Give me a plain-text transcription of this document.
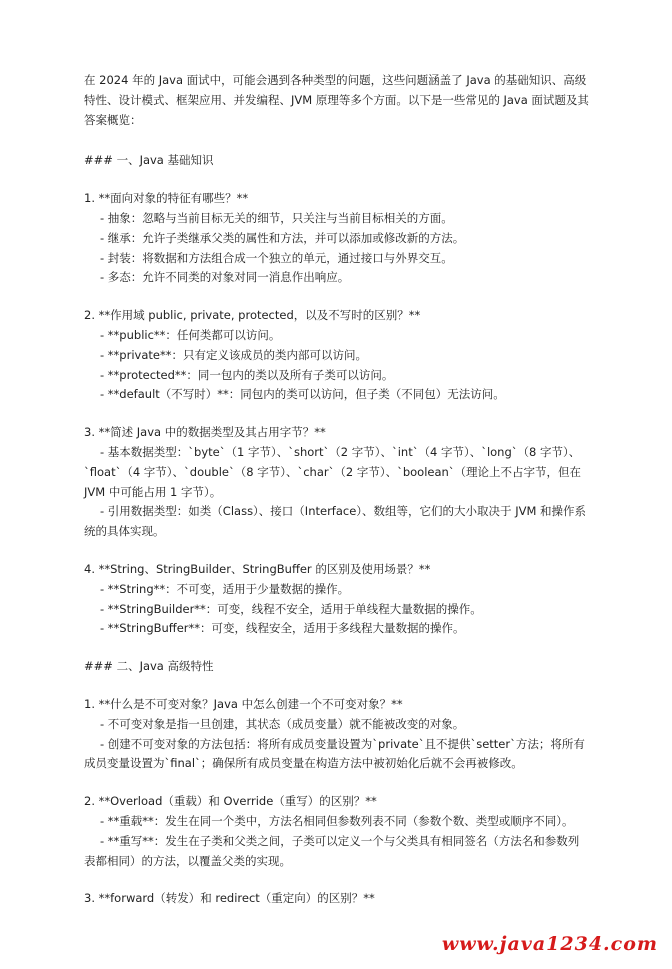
在 2024 年的 Java 面试中，可能会遇到各种类型的问题，这些问题涵盖了 Java 的基础知识、高级特性、设计模式、框架应用、并发编程、JVM 原理等多个方面。以下是一些常见的 Java 面试题及其答案概览：

### 一、Java 基础知识

1. **面向对象的特征有哪些？**

- 抽象：忽略与当前目标无关的细节，只关注与当前目标相关的方面。

- 继承：允许子类继承父类的属性和方法，并可以添加或修改新的方法。

- 封装：将数据和方法组合成一个独立的单元，通过接口与外界交互。

- 多态：允许不同类的对象对同一消息作出响应。

2. **作用域 public, private, protected，以及不写时的区别？**

- **public**：任何类都可以访问。

- **private**：只有定义该成员的类内部可以访问。

- **protected**：同一包内的类以及所有子类可以访问。

- **default（不写时）**：同包内的类可以访问，但子类（不同包）无法访问。

3. **简述 Java 中的数据类型及其占用字节？**

- 基本数据类型：`byte`（1 字节）、`short`（2 字节）、`int`（4 字节）、`long`（8 字节）、`float`（4 字节）、`double`（8 字节）、`char`（2 字节）、`boolean`（理论上不占字节，但在 JVM 中可能占用 1 字节）。

- 引用数据类型：如类（Class）、接口（Interface）、数组等，它们的大小取决于 JVM 和操作系统的具体实现。

4. **String、StringBuilder、StringBuffer 的区别及使用场景？**

- **String**：不可变，适用于少量数据的操作。

- **StringBuilder**：可变，线程不安全，适用于单线程大量数据的操作。

- **StringBuffer**：可变，线程安全，适用于多线程大量数据的操作。

### 二、Java 高级特性

1. **什么是不可变对象？Java 中怎么创建一个不可变对象？**

- 不可变对象是指一旦创建，其状态（成员变量）就不能被改变的对象。

- 创建不可变对象的方法包括：将所有成员变量设置为`private`且不提供`setter`方法；将所有成员变量设置为`final`；确保所有成员变量在构造方法中被初始化后就不会再被修改。

2. **Overload（重载）和 Override（重写）的区别？**

- **重载**：发生在同一个类中，方法名相同但参数列表不同（参数个数、类型或顺序不同）。

- **重写**：发生在子类和父类之间，子类可以定义一个与父类具有相同签名（方法名和参数列表都相同）的方法，以覆盖父类的实现。

3. **forward（转发）和 redirect（重定向）的区别？**

www.java1234.com
